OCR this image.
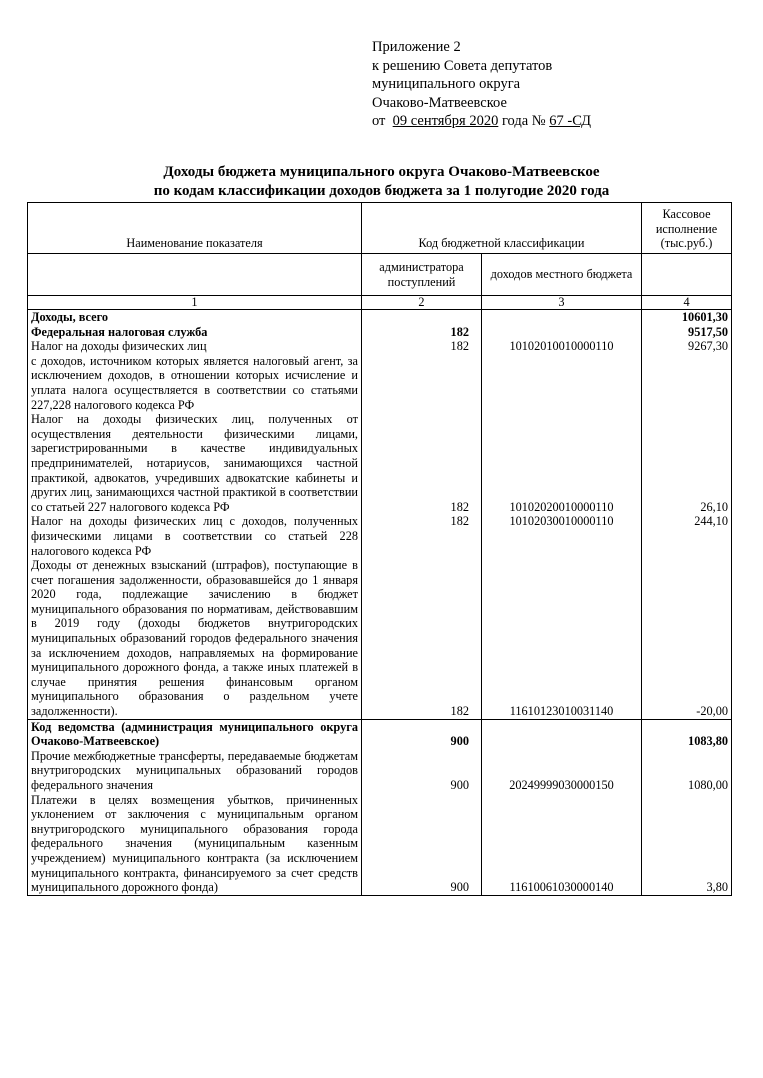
Приложение 2
к решению Совета депутатов
муниципального округа
Очаково-Матвеевское
от 09 сентября 2020 года № 67 -СД
Доходы бюджета муниципального округа Очаково-Матвеевское
по кодам классификации доходов бюджета за 1 полугодие 2020 года
Наименование показателя	Код бюджетной классификации		Кассовое исполнение (тыс.руб.)
	администратора поступлений	доходов местного бюджета	
1	2	3	4
Доходы, всего			10601,30
Федеральная налоговая служба	182		9517,50
Налог на доходы физических лиц	182	10102010010000110	9267,30
с доходов, источником которых является налоговый агент, за исключением доходов, в отношении которых исчисление и уплата налога осуществляется в соответствии со статьями 227,228 налогового кодекса РФ			
Налог на доходы физических лиц, полученных от осуществления деятельности физическими лицами, зарегистрированными в качестве индивидуальных предпринимателей, нотариусов, занимающихся частной практикой, адвокатов, учредивших адвокатские кабинеты и других лиц, занимающихся частной практикой в соответствии со статьей 227 налогового кодекса РФ	182	10102020010000110	26,10
Налог на доходы физических лиц с доходов, полученных физическими лицами в соответствии со статьей 228 налогового кодекса РФ	182	10102030010000110	244,10
Доходы от денежных взысканий (штрафов), поступающие в счет погашения задолженности, образовавшейся до 1 января 2020 года, подлежащие зачислению в бюджет муниципального образования по нормативам, действовавшим в 2019 году (доходы бюджетов внутригородских муниципальных образований городов федерального значения за исключением доходов, направляемых на формирование муниципального дорожного фонда, а также иных платежей в случае принятия решения финансовым органом муниципального образования о раздельном учете задолженности).	182	11610123010031140	-20,00
Код ведомства (администрация муниципального округа Очаково-Матвеевское)	900		1083,80
Прочие межбюджетные трансферты, передаваемые бюджетам внутригородских муниципальных образований городов федерального значения	900	20249999030000150	1080,00
Платежи в целях возмещения убытков, причиненных уклонением от заключения с муниципальным органом внутригородского муниципального образования города федерального значения (муниципальным казенным учреждением) муниципального контракта (за исключением муниципального контракта, финансируемого за счет средств муниципального дорожного фонда)	900	11610061030000140	3,80
